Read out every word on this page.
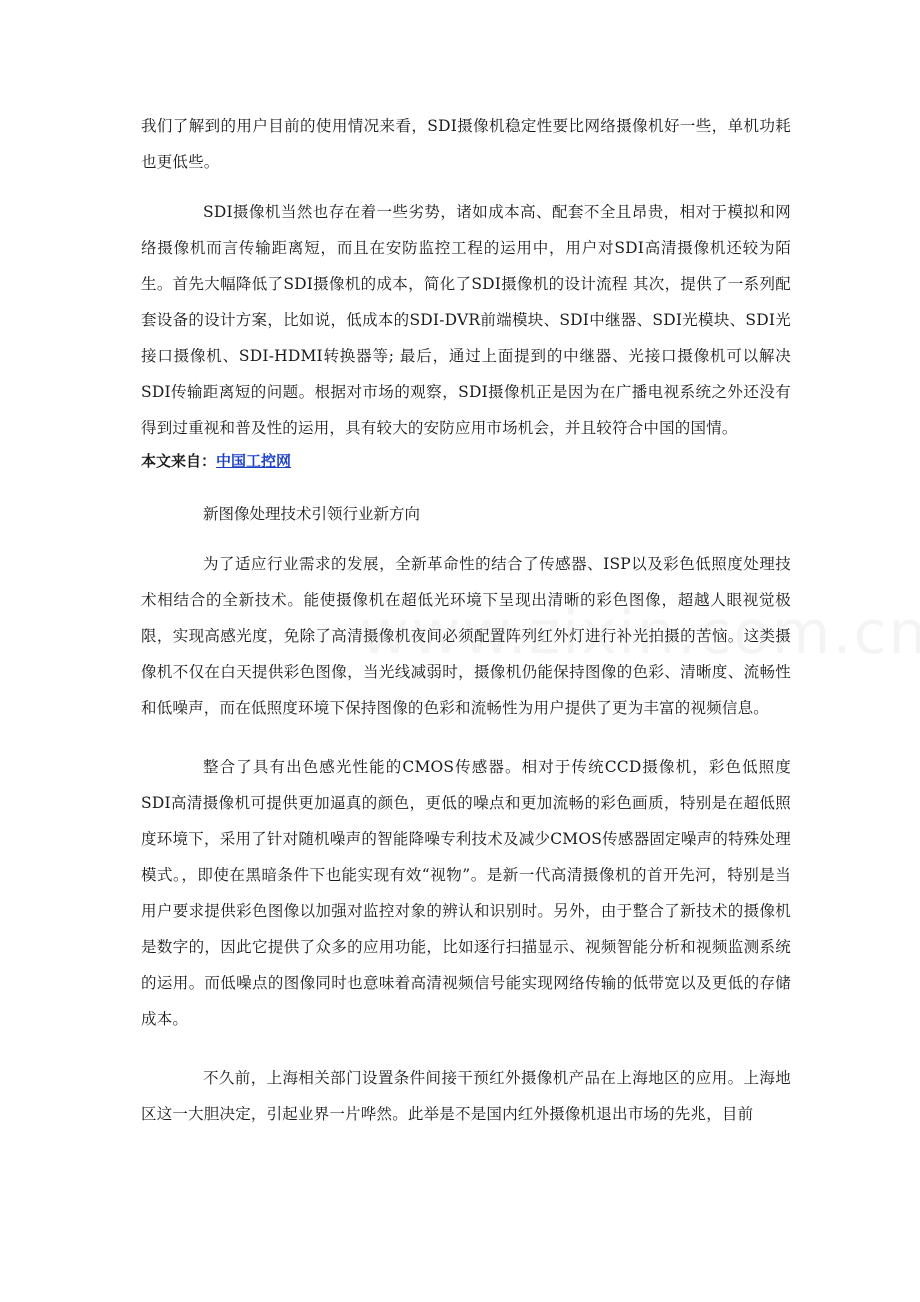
我们了解到的用户目前的使用情况来看，SDI摄像机稳定性要比网络摄像机好一些，单机功耗也更低些。

SDI摄像机当然也存在着一些劣势，诸如成本高、配套不全且昂贵，相对于模拟和网络摄像机而言传输距离短，而且在安防监控工程的运用中，用户对SDI高清摄像机还较为陌生。首先大幅降低了SDI摄像机的成本，简化了SDI摄像机的设计流程 其次，提供了一系列配套设备的设计方案，比如说，低成本的SDI-DVR前端模块、SDI中继器、SDI光模块、SDI光接口摄像机、SDI-HDMI转换器等; 最后，通过上面提到的中继器、光接口摄像机可以解决SDI传输距离短的问题。根据对市场的观察，SDI摄像机正是因为在广播电视系统之外还没有得到过重视和普及性的运用，具有较大的安防应用市场机会，并且较符合中国的国情。

本文来自：中国工控网

新图像处理技术引领行业新方向

为了适应行业需求的发展，全新革命性的结合了传感器、ISP以及彩色低照度处理技术相结合的全新技术。能使摄像机在超低光环境下呈现出清晰的彩色图像，超越人眼视觉极限，实现高感光度，免除了高清摄像机夜间必须配置阵列红外灯进行补光拍摄的苦恼。这类摄像机不仅在白天提供彩色图像，当光线减弱时，摄像机仍能保持图像的色彩、清晰度、流畅性和低噪声，而在低照度环境下保持图像的色彩和流畅性为用户提供了更为丰富的视频信息。

整合了具有出色感光性能的CMOS传感器。相对于传统CCD摄像机，彩色低照度SDI高清摄像机可提供更加逼真的颜色，更低的噪点和更加流畅的彩色画质，特别是在超低照度环境下，采用了针对随机噪声的智能降噪专利技术及减少CMOS传感器固定噪声的特殊处理模式。，即使在黑暗条件下也能实现有效“视物”。是新一代高清摄像机的首开先河，特别是当用户要求提供彩色图像以加强对监控对象的辨认和识别时。另外，由于整合了新技术的摄像机是数字的，因此它提供了众多的应用功能，比如逐行扫描显示、视频智能分析和视频监测系统的运用。而低噪点的图像同时也意味着高清视频信号能实现网络传输的低带宽以及更低的存储成本。

不久前，上海相关部门设置条件间接干预红外摄像机产品在上海地区的应用。上海地区这一大胆决定，引起业界一片哗然。此举是不是国内红外摄像机退出市场的先兆，目前
